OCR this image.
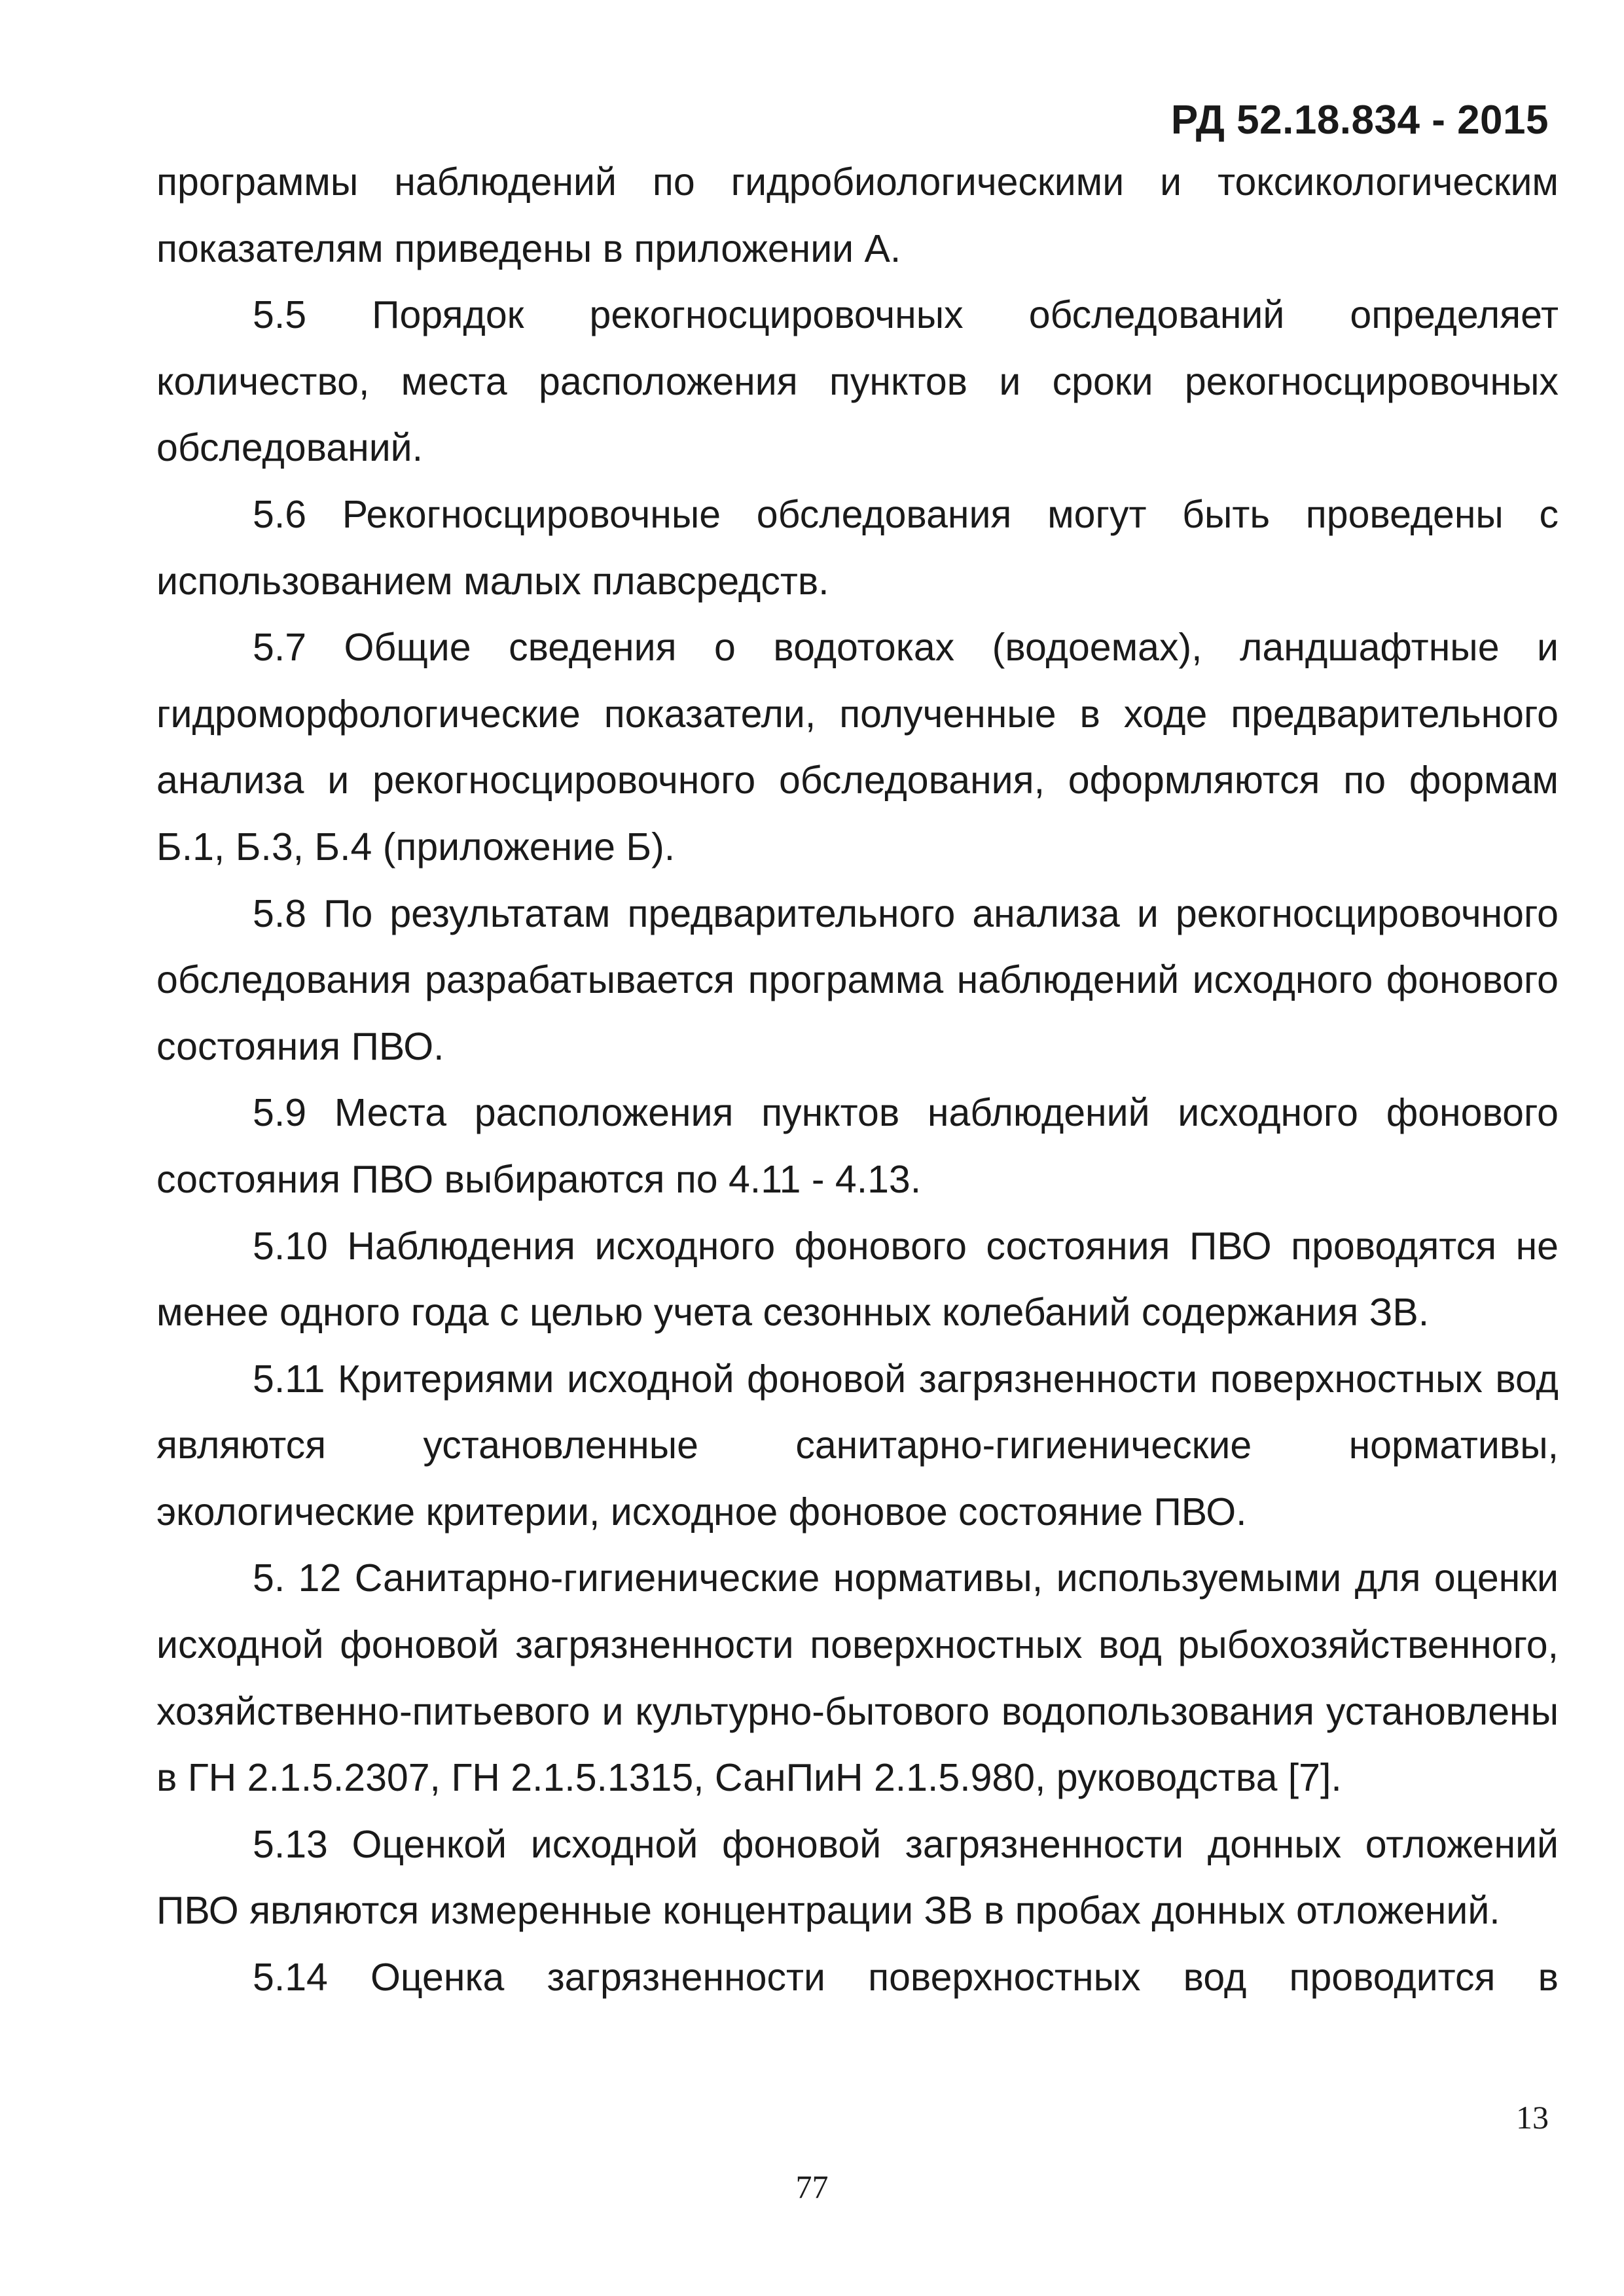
РД 52.18.834 - 2015

программы наблюдений по гидробиологическими и токсикологическим показателям приведены в приложении А.

5.5 Порядок рекогносцировочных обследований определяет количество, места расположения пунктов и сроки рекогносцировочных обследований.

5.6 Рекогносцировочные обследования могут быть проведены с использованием малых плавсредств.

5.7 Общие сведения о водотоках (водоемах), ландшафтные и гидроморфологические показатели, полученные в ходе предварительного анализа и рекогносцировочного обследования, оформляются по формам Б.1, Б.3, Б.4 (приложение Б).

5.8 По результатам предварительного анализа и рекогносцировочного обследования разрабатывается программа наблюдений исходного фонового состояния ПВО.

5.9 Места расположения пунктов наблюдений исходного фонового состояния ПВО выбираются по 4.11 - 4.13.

5.10 Наблюдения исходного фонового состояния ПВО проводятся не менее одного года с целью учета сезонных колебаний содержания ЗВ.

5.11 Критериями исходной фоновой загрязненности поверхностных вод являются установленные санитарно-гигиенические нормативы, экологические критерии, исходное фоновое состояние ПВО.

5. 12 Санитарно-гигиенические нормативы, используемыми для оценки исходной фоновой загрязненности поверхностных вод рыбохозяйственного, хозяйственно-питьевого и культурно-бытового водопользования установлены в ГН 2.1.5.2307, ГН 2.1.5.1315, СанПиН 2.1.5.980, руководства [7].

5.13 Оценкой исходной фоновой загрязненности донных отложений ПВО являются измеренные концентрации ЗВ в пробах донных отложений.

5.14 Оценка загрязненности поверхностных вод проводится в

13
77
